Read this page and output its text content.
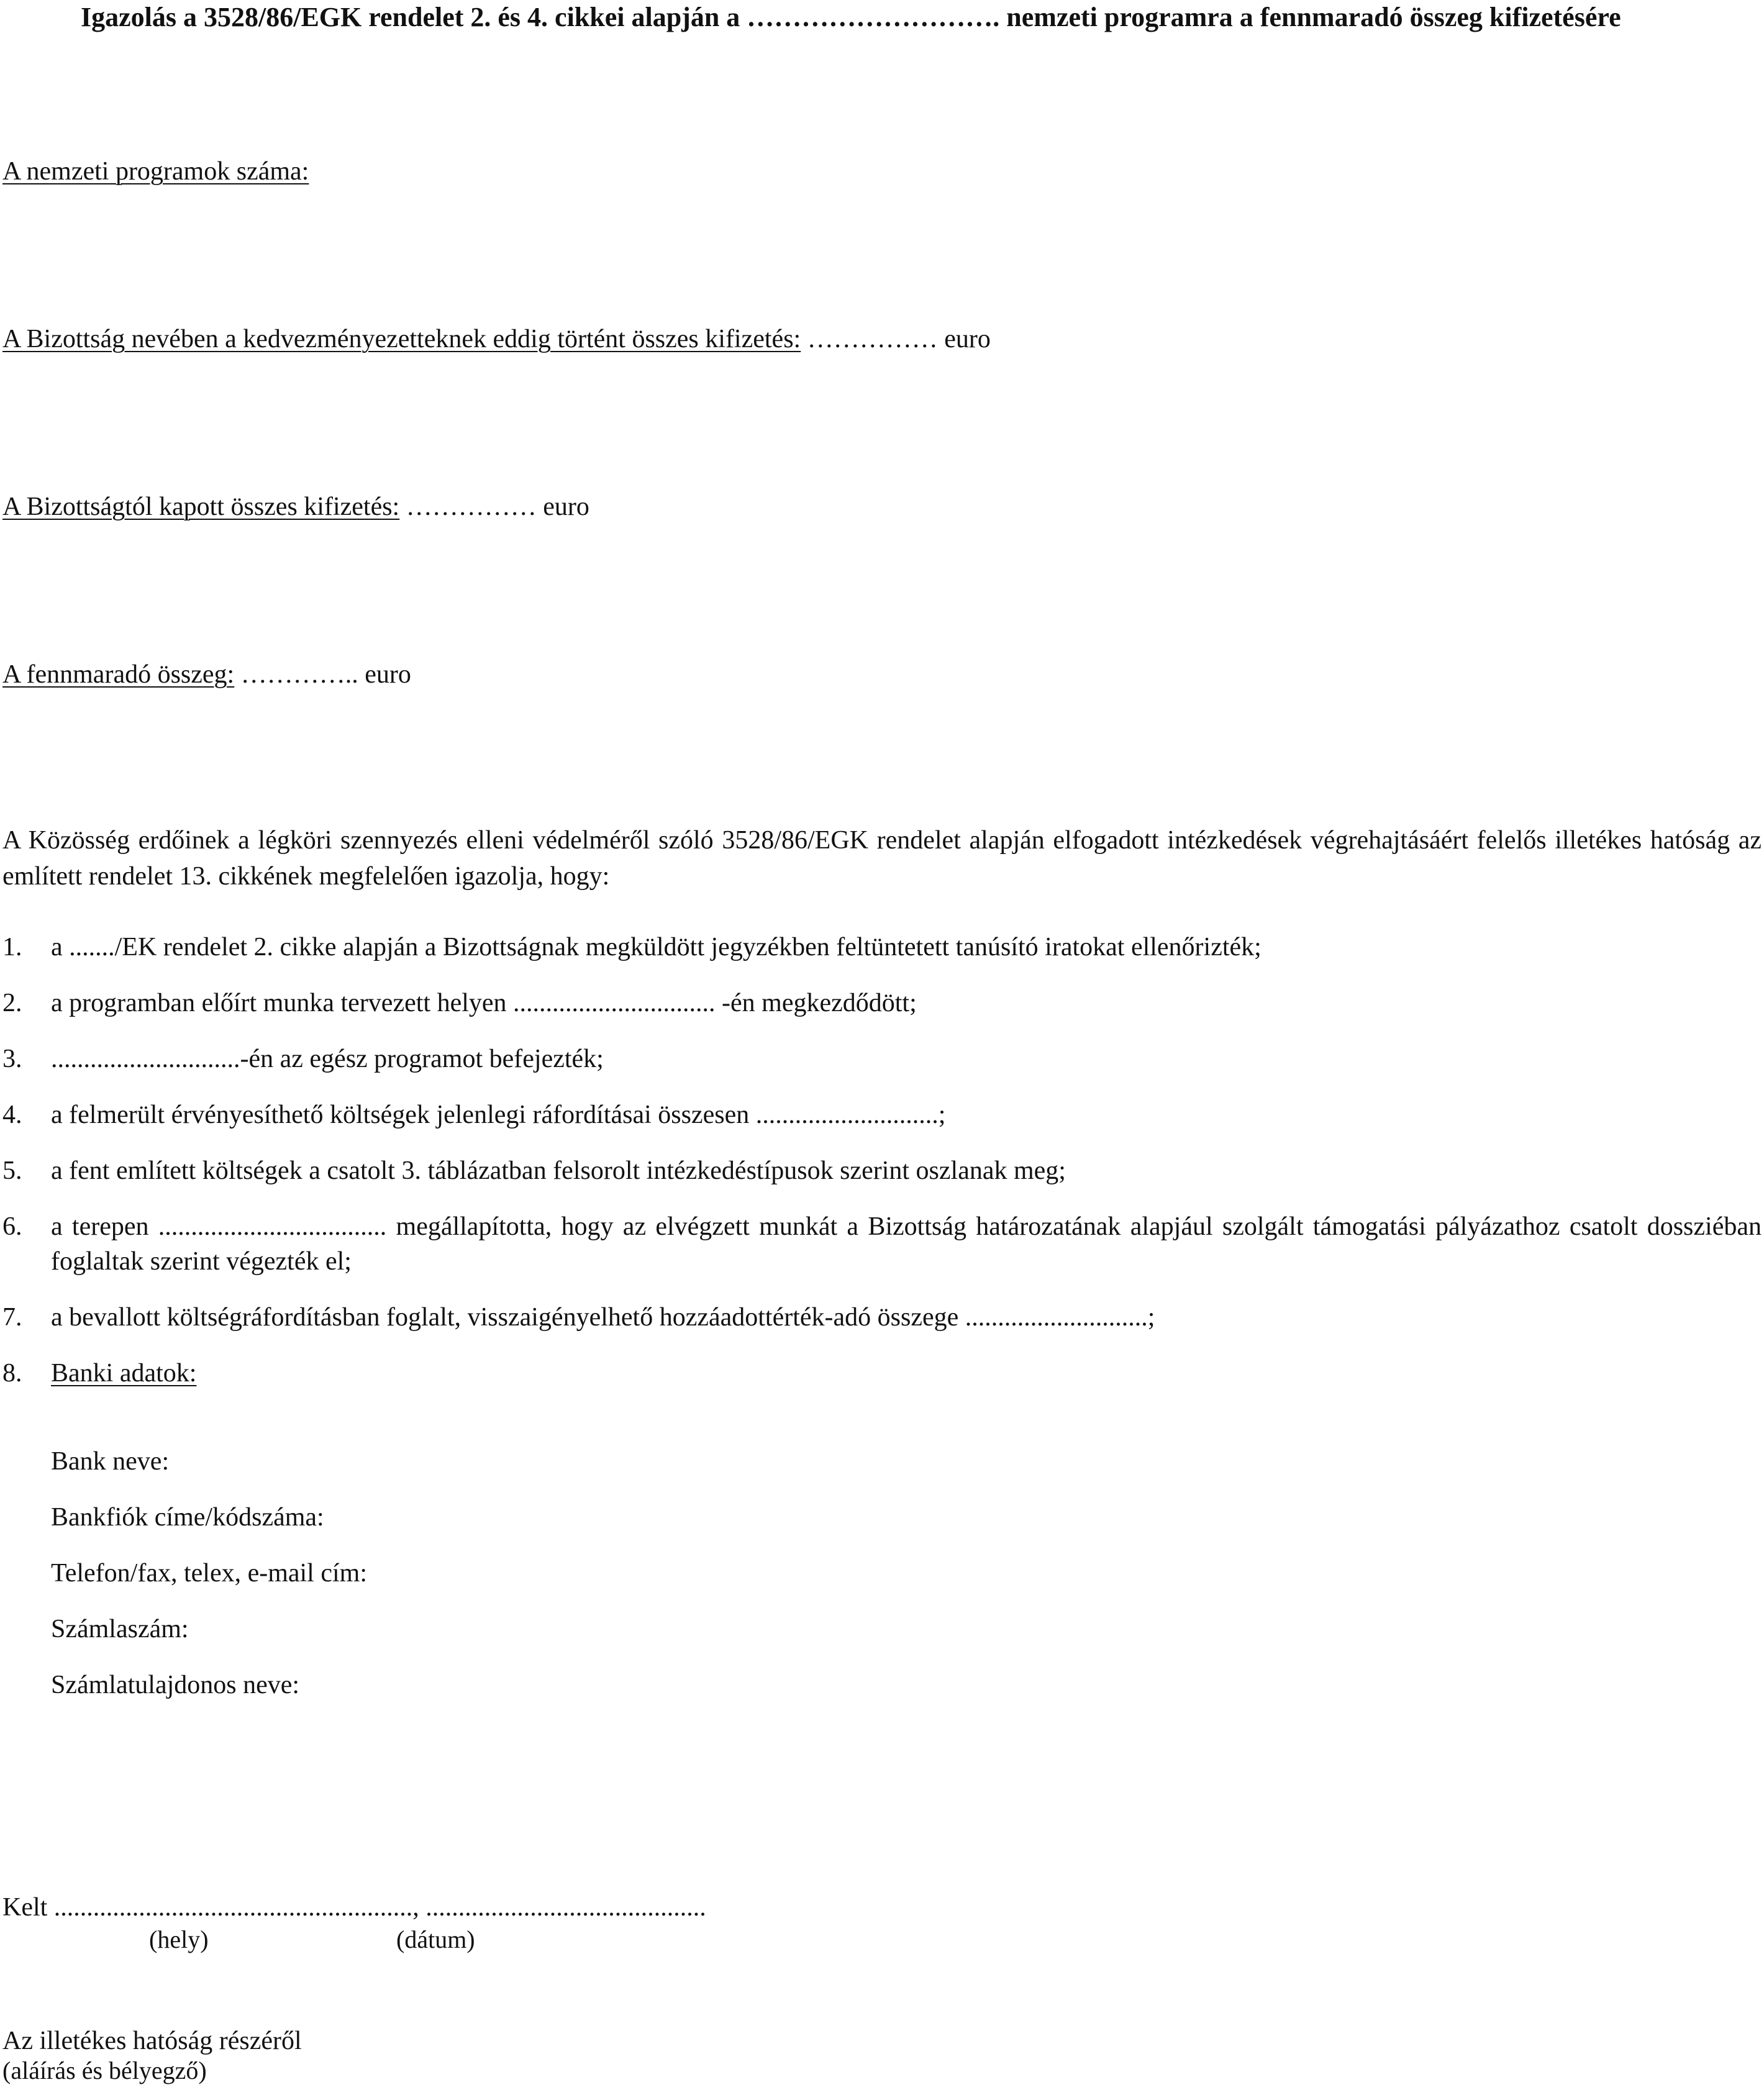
Igazolás a 3528/86/EGK rendelet 2. és 4. cikkei alapján a ………………………. nemzeti programra a fennmaradó összeg kifizetésére
A nemzeti programok száma:
A Bizottság nevében a kedvezményezetteknek eddig történt összes kifizetés: …………… euro
A Bizottságtól kapott összes kifizetés: …………… euro
A fennmaradó összeg: ………….. euro
A Közösség erdőinek a légköri szennyezés elleni védelméről szóló 3528/86/EGK rendelet alapján elfogadott intézkedések végrehajtásáért felelős illetékes hatóság az említett rendelet 13. cikkének megfelelően igazolja, hogy:
1. a ......./EK rendelet 2. cikke alapján a Bizottságnak megküldött jegyzékben feltüntetett tanúsító iratokat ellenőrizték;
2. a programban előírt munka tervezett helyen ............................... -én megkezdődött;
3. .............................-én az egész programot befejezték;
4. a felmerült érvényesíthető költségek jelenlegi ráfordításai összesen ............................;
5. a fent említett költségek a csatolt 3. táblázatban felsorolt intézkedéstípusok szerint oszlanak meg;
6. a terepen ................................... megállapította, hogy az elvégzett munkát a Bizottság határozatának alapjául szolgált támogatási pályázathoz csatolt dossziéban foglaltak szerint végezték el;
7. a bevallott költségráfordításban foglalt, visszaigényelhető hozzáadottérték-adó összege ............................;
8. Banki adatok:
Bank neve:
Bankfiók címe/kódszáma:
Telefon/fax, telex, e-mail cím:
Számlaszám:
Számlatulajdonos neve:
Kelt ......................................................., ...........................................
(hely)	(dátum)
Az illetékes hatóság részéről
(aláírás és bélyegző)
